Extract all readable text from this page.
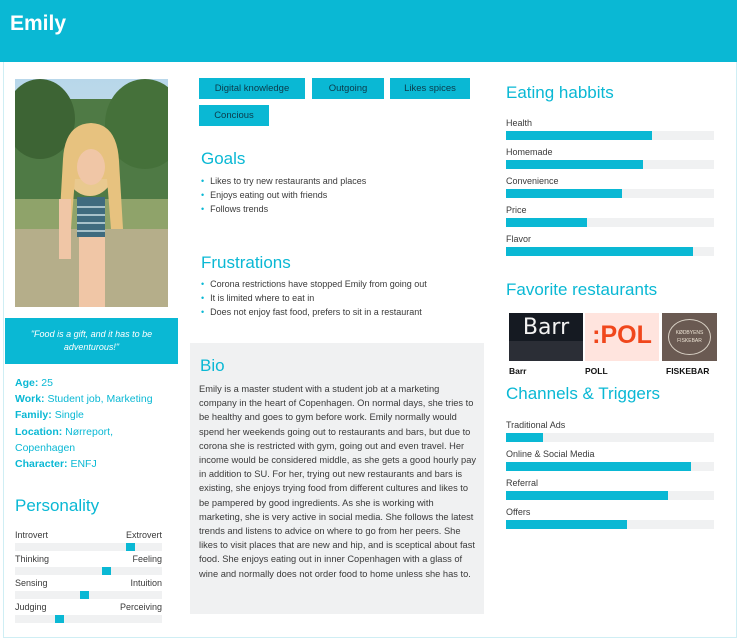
Emily
"Food is a gift, and it has to be adventurous!"
Age: 25
Work: Student job, Marketing
Family: Single
Location: Nørreport, Copenhagen
Character: ENFJ
Personality
Introvert	Extrovert
Thinking	Feeling
Sensing	Intuition
Judging	Perceiving
Digital knowledge	Outgoing	Likes spices
Concious
Goals
• Likes to try new restaurants and places
• Enjoys eating out with friends
• Follows trends
Frustrations
• Corona restrictions have stopped Emily from going out
• It is limited where to eat in
• Does not enjoy fast food, prefers to sit in a restaurant
Bio
Emily is a master student with a student job at a marketing company in the heart of Copenhagen. On normal days, she tries to be healthy and goes to gym before work. Emily normally would spend her weekends going out to restaurants and bars, but due to corona she is restricted with gym, going out and even travel. Her income would be considered middle, as she gets a good hourly pay in addition to SU. For her, trying out new restaurants and bars is existing, she enjoys trying food from different cultures and likes to be pampered by good ingredients. As she is working with marketing, she is very active in social media. She follows the latest trends and listens to advice on where to go from her peers. She likes to visit places that are new and hip, and is sceptical about fast food. She enjoys eating out in inner Copenhagen with a glass of wine and normally does not order food to home unless she has to.
Eating habbits
Health
Homemade
Convenience
Price
Flavor
Favorite restaurants
Barr :POL	KØDBYENS FISKEBAR
Barr	POLL	FISKEBAR
Channels & Triggers
Traditional Ads
Online & Social Media
Referral
Offers
